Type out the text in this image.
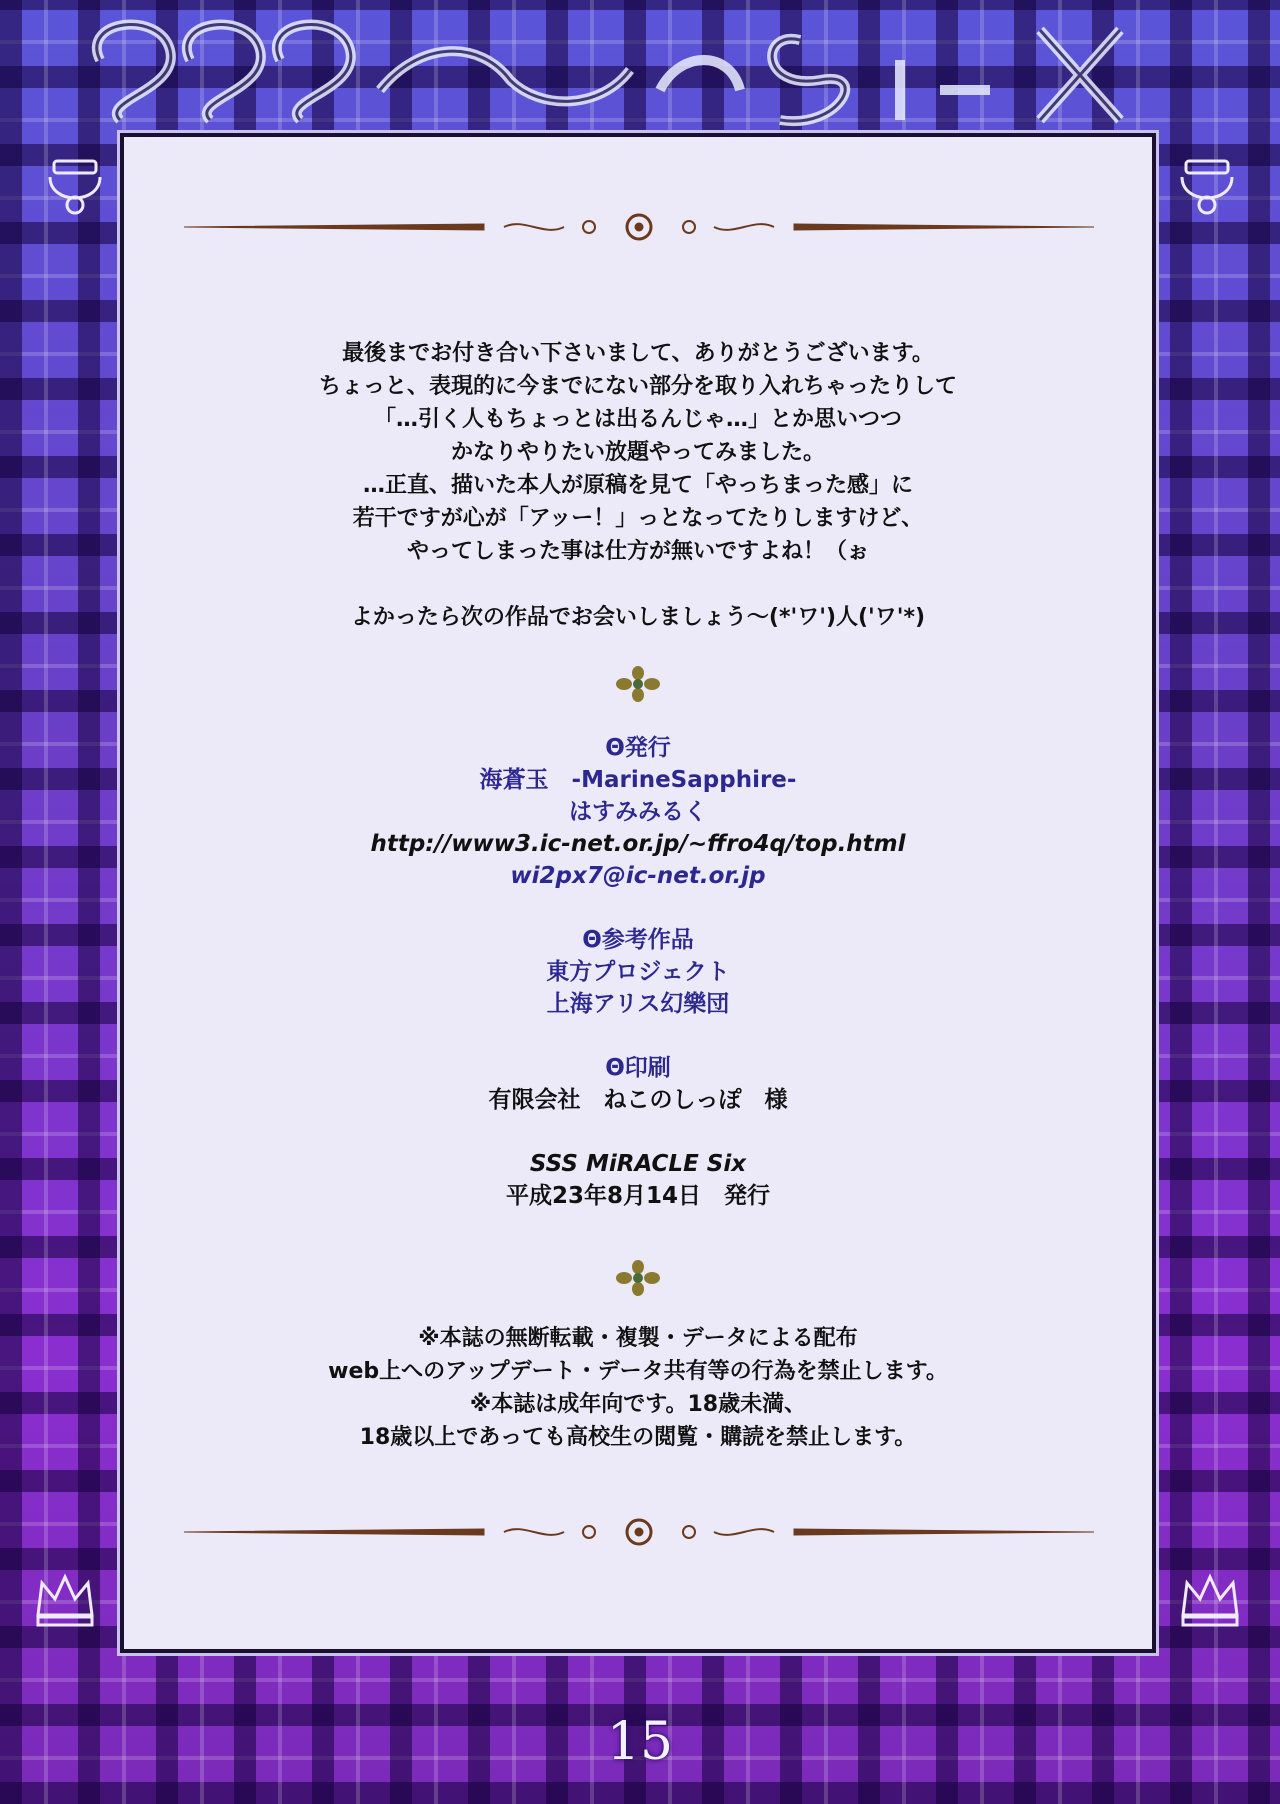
最後までお付き合い下さいまして、ありがとうございます。

ちょっと、表現的に今までにない部分を取り入れちゃったりして

「…引く人もちょっとは出るんじゃ…」とか思いつつ

かなりやりたい放題やってみました。

…正直、描いた本人が原稿を見て「やっちまった感」に

若干ですが心が「アッー！」っとなってたりしますけど、

やってしまった事は仕方が無いですよね！（ぉ

よかったら次の作品でお会いしましょう～(*'ワ')人('ワ'*)

Θ発行

海蒼玉　-MarineSapphire-

はすみみるく

http://www3.ic-net.or.jp/~ffro4q/top.html

wi2px7@ic-net.or.jp

Θ参考作品

東方プロジェクト

上海アリス幻樂団

Θ印刷

有限会社　ねこのしっぽ　様

SSS MiRACLE Six

平成23年8月14日　発行

※本誌の無断転載・複製・データによる配布

web上へのアップデート・データ共有等の行為を禁止します。

※本誌は成年向です。18歳未満、

18歳以上であっても高校生の閲覧・購読を禁止します。

15
